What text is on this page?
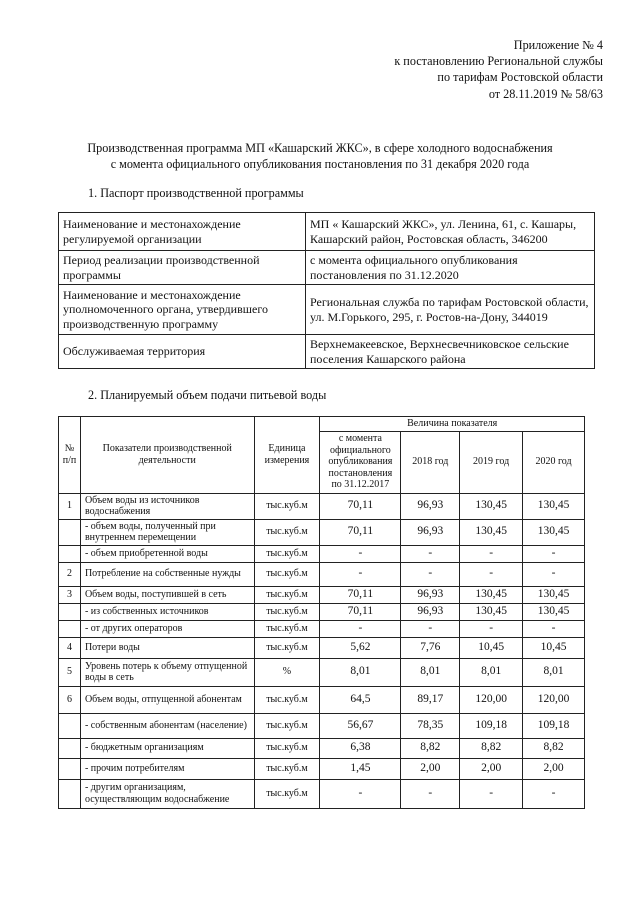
Приложение № 4
к постановлению Региональной службы
по тарифам Ростовской области
от 28.11.2019 № 58/63
Производственная программа МП «Кашарский ЖКС», в сфере холодного водоснабжения
с момента официального опубликования постановления по 31 декабря 2020 года
1. Паспорт производственной программы
Наименование и местонахождение регулируемой организации	МП « Кашарский ЖКС», ул. Ленина, 61, с. Кашары, Кашарский район, Ростовская область, 346200
Период реализации производственной программы	с момента официального опубликования постановления по 31.12.2020
Наименование и местонахождение уполномоченного органа, утвердившего производственную программу	Региональная служба по тарифам Ростовской области, ул. М.Горького, 295, г. Ростов-на-Дону, 344019
Обслуживаемая территория	Верхнемакеевское, Верхнесвечниковское сельские поселения Кашарского района
2. Планируемый объем подачи питьевой воды
№ п/п	Показатели производственной деятельности	Единица измерения	Величина показателя			
			с момента официального опубликования постановления по 31.12.2017	2018 год	2019 год	2020 год
1	Объем воды из источников водоснабжения	тыс.куб.м	70,11	96,93	130,45	130,45
	- объем воды, полученный при внутреннем перемещении	тыс.куб.м	70,11	96,93	130,45	130,45
	- объем приобретенной воды	тыс.куб.м	-	-	-	-
2	Потребление на собственные нужды	тыс.куб.м	-	-	-	-
3	Объем воды, поступившей в сеть	тыс.куб.м	70,11	96,93	130,45	130,45
	- из собственных источников	тыс.куб.м	70,11	96,93	130,45	130,45
	- от других операторов	тыс.куб.м	-	-	-	-
4	Потери воды	тыс.куб.м	5,62	7,76	10,45	10,45
5	Уровень потерь к объему отпущенной воды в сеть	%	8,01	8,01	8,01	8,01
6	Объем воды, отпущенной абонентам	тыс.куб.м	64,5	89,17	120,00	120,00
	- собственным абонентам (население)	тыс.куб.м	56,67	78,35	109,18	109,18
	- бюджетным организациям	тыс.куб.м	6,38	8,82	8,82	8,82
	- прочим потребителям	тыс.куб.м	1,45	2,00	2,00	2,00
	- другим организациям, осуществляющим водоснабжение	тыс.куб.м	-	-	-	-
